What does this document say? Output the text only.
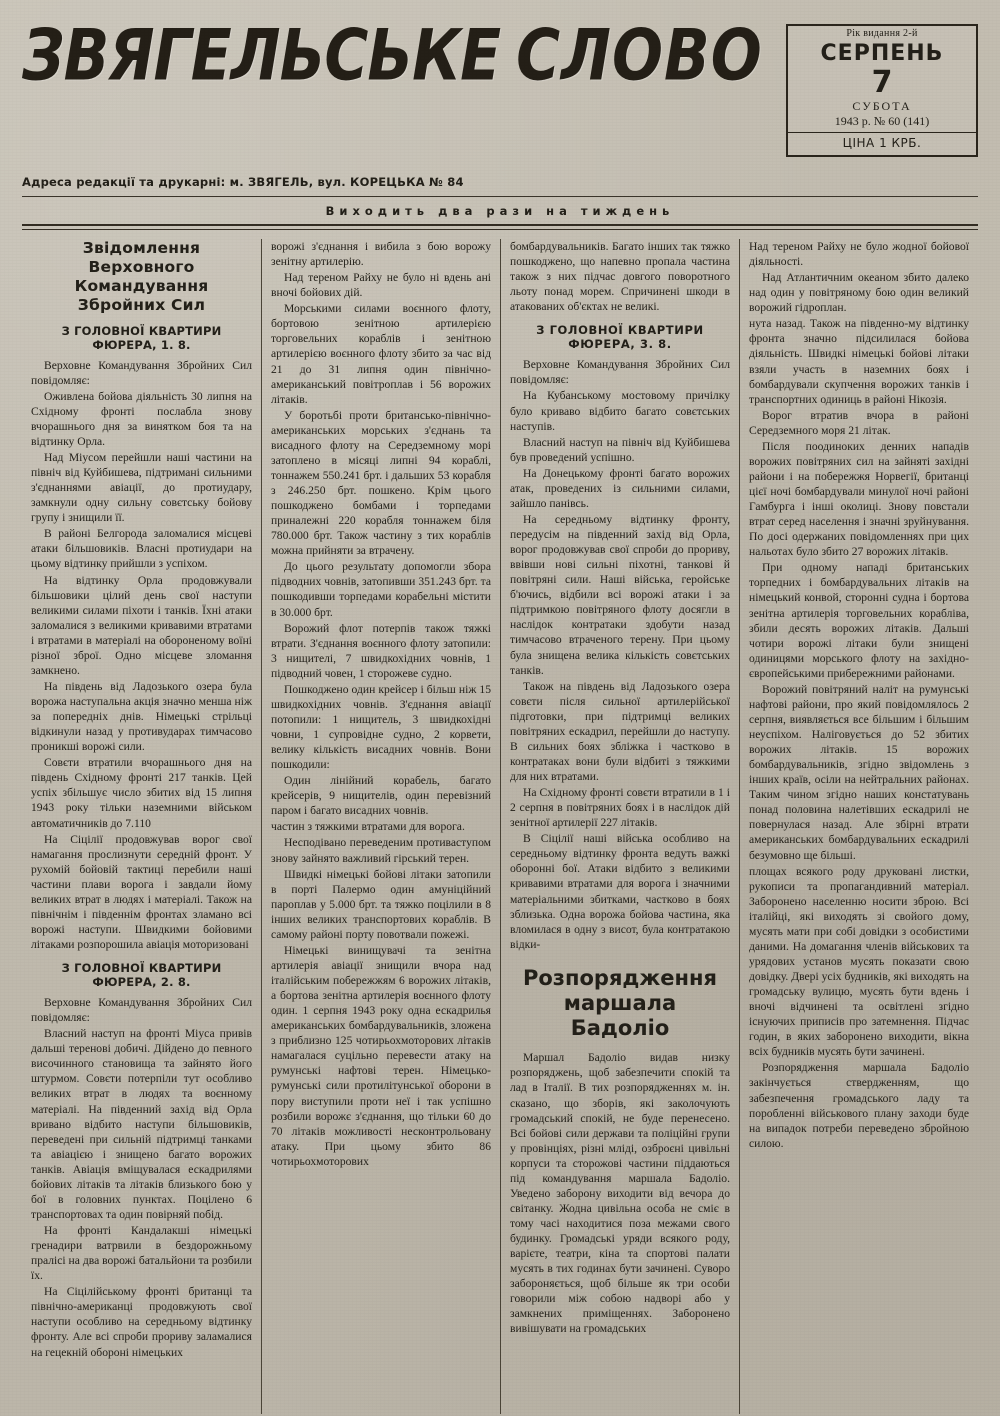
ЗВЯГЕЛЬСЬКЕ СЛОВО	Рік видання 2-й
СЕРПЕНЬ
7
СУБОТА
1943 р. № 60 (141)
ЦІНА 1 КРБ.
Адреса редакції та друкарні: м. ЗВЯГЕЛЬ, вул. КОРЕЦЬКА № 84
Виходить два рази на тиждень
Звідомлення Верховного Командування
Збройних Сил
З ГОЛОВНОЇ КВАРТИРИ ФЮРЕРА, 1. 8.

Верховне Командування Збройних Сил повідомляє:

Оживлена бойова діяльність 30 липня на Східному фронті послабла знову вчорашнього дня за винятком боя та на відтинку Орла.

Над Міусом перейшли наші частини на північ від Куйбишева, підтримані сильними з'єднаннями авіації, до протиудару, замкнули одну сильну совєтську бойову групу і знищили її.

В районі Белгорода заломалися місцеві атаки більшовиків. Власні протиудари на цьому відтинку прийшли з успіхом.

На відтинку Орла продовжували більшовики цілий день свої наступи великими силами піхоти і танків. Їхні атаки заломалися з великими кривавими втратами і втратами в матеріалі на обороненому воїні різної зброї. Одно місцеве зломання замкнено.

На південь від Ладозького озера була ворожа наступальна акція значно менша ніж за попередніх днів. Німецькі стрільці відкинули назад у противударах тимчасово проникші ворожі сили.

Совєти втратили вчорашнього дня на південь Східному фронті 217 танків. Цей успіх збільшує число збитих від 15 липня 1943 року тільки наземними військом автоматичників до 7.110

На Сіцілії продовжував ворог свої намагання прослизнути середній фронт. У рухомій бойовій тактиці перебили наші частини плави ворога і завдали йому великих втрат в людях і матеріалі. Також на північнім і південнім фронтах зламано всі ворожі наступи. Швидкими бойовими літаками розпорошила авіація моторизовані

З ГОЛОВНОЇ КВАРТИРИ ФЮРЕРА, 2. 8.

Верховне Командування Збройних Сил повідомляє:

Власний наступ на фронті Міуса привів дальші теренові добичі. Дійдено до певного височинного становища та зайнято його штурмом. Совєти потерпіли тут особливо великих втрат в людях та воєнному матеріалі. На південний захід від Орла вривано відбито наступи більшовиків, переведені при сильній підтримці танками та авіацією і знищено багато ворожих танків. Авіація вміщувалася ескадрилями бойових літаків та літаків близького бою у бої в головних пунктах. Поцілено 6 транспортовах та один повірняй побід.

На фронті Кандалакші німецькі гренадири ватрвили в бездорожньому пралісі на два ворожі батальйони та розбили їх.

На Сіцілійському фронті британці та північно-американці продовжують свої наступи особливо на середньому відтинку фронту. Але всі спроби прориву заламалися на гецекній обороні німецьких

ворожі з'єднання і вибила з бою ворожу зенітну артилерію.

Над тереном Райху не було ні вдень ані вночі бойових дій.

Морськими силами воєнного флоту, бортовою зенітною артилерією торговельних кораблів і зенітною артилерією воєнного флоту збито за час від 21 до 31 липня один північно-американський повітроплав і 56 ворожих літаків.

У боротьбі проти британсько-північно-американських морських з'єднань та висадного флоту на Середземному морі затоплено в місяці липні 94 кораблі, тоннажем 550.241 брт. і дальших 53 корабля з 246.250 брт. пошкено. Крім цього пошкоджено бомбами і торпедами приналежні 220 корабля тоннажем біля 780.000 брт. Також частину з тих кораблів можна прийняти за втрачену.

До цього результату допомогли збора підводних човнів, затопивши 351.243 брт. та пошкодивши торпедами корабельні містити в 30.000 брт.

Ворожий флот потерпів також тяжкі втрати. З'єднання воєнного флоту затопили: 3 нищителі, 7 швидкохідних човнів, 1 підводний човен, 1 сторожеве судно.

Пошкоджено один крейсер і більш ніж 15 швидкохідних човнів. З'єднання авіації потопили: 1 нищитель, 3 швидкохідні човни, 1 супровідне судно, 2 корвети, велику кількість висадних човнів. Вони пошкодили:

Один лінійний корабель, багато крейсерів, 9 нищителів, один перевізний паром і багато висадних човнів.

частин з тяжкими втратами для ворога.

Несподівано переведеним противаступом знову зайнято важливий гірський терен.

Швидкі німецькі бойові літаки затопили в порті Палермо один амуніційний пароплав у 5.000 брт. та тяжко поцілили в 8 інших великих транспортових кораблів. В самому районі порту повотвали пожежі.

Німецькі винищувачі та зенітна артилерія авіації знищили вчора над італійським побережжям 6 ворожих літаків, а бортова зенітна артилерія воєнного флоту один. 1 серпня 1943 року одна ескадрилья американських бомбардувальників, зложена з приблизно 125 чотирьохмоторових літаків намагалася суцільно перевести атаку на румунські нафтові терен. Німецько-румунські сили протилітунської оборони в пору виступили проти неї і так успішно розбили ворожє з'єднання, що тільки 60 до 70 літаків можливості несконтрольовану атаку. При цьому збито 86 чотирьохмоторових

бомбардувальників. Багато інших так тяжко пошкоджено, що напевно пропала частина також з них підчас довгого поворотного льоту понад морем. Спричинені шкоди в атакованих об'єктах не великі.

З ГОЛОВНОЇ КВАРТИРИ ФЮРЕРА, 3. 8.

Верховне Командування Збройних Сил повідомляє:

На Кубанському мостовому причілку було криваво відбито багато совєтських наступів.

Власний наступ на північ від Куйбишева був проведений успішно.

На Донецькому фронті багато ворожих атак, проведених із сильними силами, зайшло панівсь.

На середньому відтинку фронту, передусім на південний захід від Орла, ворог продовжував свої спроби до прориву, ввівши нові сильні піхотні, танкові й повітряні сили. Наші війська, геройське б'ючись, відбили всі ворожі атаки і за підтримкою повітряного флоту досягли в наслідок контратаки здобути назад тимчасово втраченого терену. При цьому була знищена велика кількість совєтських танків.

Також на південь від Ладозького озера совєти після сильної артилерійської підготовки, при підтримці великих повітряних ескадрил, перейшли до наступу. В сильних боях збліжка і частково в контратаках вони були відбиті з тяжкими для них втратами.

На Східному фронті совєти втратили в 1 і 2 серпня в повітряних боях і в наслідок дій зенітної артилерії 227 літаків.

В Сіцілії наші війська особливо на середньому відтинку фронта ведуть важкі оборонні бої. Атаки відбито з великими кривавими втратами для ворога і значними матеріальними збитками, частково в боях зблизька. Одна ворожа бойова частина, яка вломилася в одну з висот, була контратакою відки-

Розпорядження маршала
Бадоліо

Маршал Бадоліо видав низку розпоряджень, щоб забезпечити спокій та лад в Італії. В тих розпорядженнях м. ін. сказано, що зборів, які заколочують громадський спокій, не буде перенесено. Всі бойові сили держави та поліційні групи у провінціях, різні мліді, озброєні цивільні корпуси та сторожові частини піддаються під командування маршала Бадоліо. Уведено заборону виходити від вечора до світанку. Жодна цивільна особа не сміє в тому часі находитися поза межами свого будинку. Громадські уряди всякого роду, варієте, театри, кіна та спортові палати мусять в тих годинах бути зачинені. Суворо забороняється, щоб більше як три особи говорили між собою надворі або у замкнених приміщеннях. Заборонено вивішувати на громадських

Над тереном Райху не було жодної бойової діяльності.

Над Атлантичним океаном збито далеко над один у повітряному бою один великий ворожий гідроплан.

нута назад. Також на південно-му відтинку фронта значно підсилилася бойова діяльність. Швидкі німецькі бойові літаки взяли участь в наземних боях і бомбардували скупчення ворожих танків і транспортних одиниць в районі Нікозія.

Ворог втратив вчора в районі Середземного моря 21 літак.

Після поодиноких денних нападів ворожих повітряних сил на зайняті західні райони і на побережжя Норвегії, британці цієї ночі бомбардували минулої ночі районі Гамбурга і інші околиці. Знову повстали втрат серед населення і значні зруйнування. По досі одержаних повідомленнях при цих нальотах було збито 27 ворожих літаків.

При одному нападі британських торпедних і бомбардувальних літаків на німецький конвой, сторонні судна і бортова зенітна артилерія торговельних корабліва, збили десять ворожих літаків. Дальші чотири ворожі літаки були знищені одиницями морського флоту на західно-європейськими прибережними районами.

Ворожий повітряний наліт на румунські нафтові райони, про який повідомлялось 2 серпня, виявляється все більшим і більшим неуспіхом. Наліговується до 52 збитих ворожих літаків. 15 ворожих бомбардувальників, згідно звідомлень з інших країв, осіли на нейтральних районах. Таким чином згідно наших констатувань понад половина налетівших ескадрилі не повернулася назад. Але збірні втрати американських бомбардувальних ескадрилі безумовно ще більші.

площах всякого роду друковані листки, рукописи та пропагандивний матеріал. Заборонено населенню носити зброю. Всі італійці, які виходять зі свойого дому, мусять мати при собі довідки з особистими даними. На домагання членів військових та урядових установ мусять показати свою довідку. Двері усіх будників, які виходять на громадську вулицю, мусять бути вдень і вночі відчинені та освітлені згідно існуючих приписів про затемнення. Підчас годин, в яких заборонено виходити, вікна всіх будників мусять бути зачинені.

Розпорядження маршала Бадоліо закінчується ствердженням, що забезпечення громадського ладу та поробленні військового плану заходи буде на випадок потреби переведено збройною силою.
